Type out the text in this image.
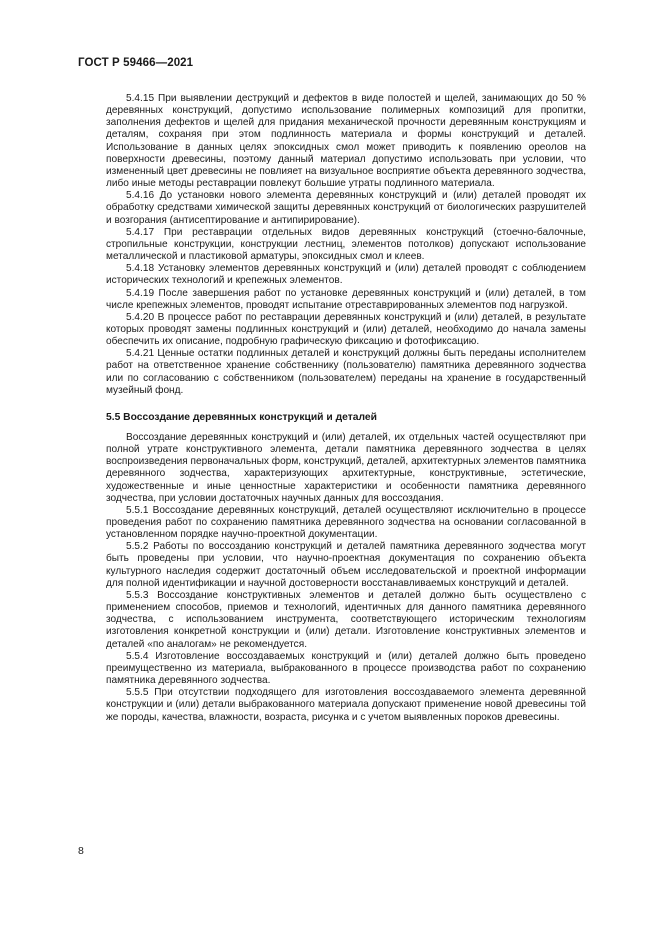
ГОСТ Р 59466—2021

5.4.15 При выявлении деструкций и дефектов в виде полостей и щелей, занимающих до 50 % деревянных конструкций, допустимо использование полимерных композиций для пропитки, заполнения дефектов и щелей для придания механической прочности деревянным конструкциям и деталям, сохраняя при этом подлинность материала и формы конструкций и деталей. Использование в данных целях эпоксидных смол может приводить к появлению ореолов на поверхности древесины, поэтому данный материал допустимо использовать при условии, что измененный цвет древесины не повлияет на визуальное восприятие объекта деревянного зодчества, либо иные методы реставрации повлекут большие утраты подлинного материала.

5.4.16 До установки нового элемента деревянных конструкций и (или) деталей проводят их обработку средствами химической защиты деревянных конструкций от биологических разрушителей и возгорания (антисептирование и антипирирование).

5.4.17 При реставрации отдельных видов деревянных конструкций (стоечно-балочные, стропильные конструкции, конструкции лестниц, элементов потолков) допускают использование металлической и пластиковой арматуры, эпоксидных смол и клеев.

5.4.18 Установку элементов деревянных конструкций и (или) деталей проводят с соблюдением исторических технологий и крепежных элементов.

5.4.19 После завершения работ по установке деревянных конструкций и (или) деталей, в том числе крепежных элементов, проводят испытание отреставрированных элементов под нагрузкой.

5.4.20 В процессе работ по реставрации деревянных конструкций и (или) деталей, в результате которых проводят замены подлинных конструкций и (или) деталей, необходимо до начала замены обеспечить их описание, подробную графическую фиксацию и фотофиксацию.

5.4.21 Ценные остатки подлинных деталей и конструкций должны быть переданы исполнителем работ на ответственное хранение собственнику (пользователю) памятника деревянного зодчества или по согласованию с собственником (пользователем) переданы на хранение в государственный музейный фонд.

5.5 Воссоздание деревянных конструкций и деталей

Воссоздание деревянных конструкций и (или) деталей, их отдельных частей осуществляют при полной утрате конструктивного элемента, детали памятника деревянного зодчества в целях воспроизведения первоначальных форм, конструкций, деталей, архитектурных элементов памятника деревянного зодчества, характеризующих архитектурные, конструктивные, эстетические, художественные и иные ценностные характеристики и особенности памятника деревянного зодчества, при условии достаточных научных данных для воссоздания.

5.5.1 Воссоздание деревянных конструкций, деталей осуществляют исключительно в процессе проведения работ по сохранению памятника деревянного зодчества на основании согласованной в установленном порядке научно-проектной документации.

5.5.2 Работы по воссозданию конструкций и деталей памятника деревянного зодчества могут быть проведены при условии, что научно-проектная документация по сохранению объекта культурного наследия содержит достаточный объем исследовательской и проектной информации для полной идентификации и научной достоверности восстанавливаемых конструкций и деталей.

5.5.3 Воссоздание конструктивных элементов и деталей должно быть осуществлено с применением способов, приемов и технологий, идентичных для данного памятника деревянного зодчества, с использованием инструмента, соответствующего историческим технологиям изготовления конкретной конструкции и (или) детали. Изготовление конструктивных элементов и деталей «по аналогам» не рекомендуется.

5.5.4 Изготовление воссоздаваемых конструкций и (или) деталей должно быть проведено преимущественно из материала, выбракованного в процессе производства работ по сохранению памятника деревянного зодчества.

5.5.5 При отсутствии подходящего для изготовления воссоздаваемого элемента деревянной конструкции и (или) детали выбракованного материала допускают применение новой древесины той же породы, качества, влажности, возраста, рисунка и с учетом выявленных пороков древесины.

8
